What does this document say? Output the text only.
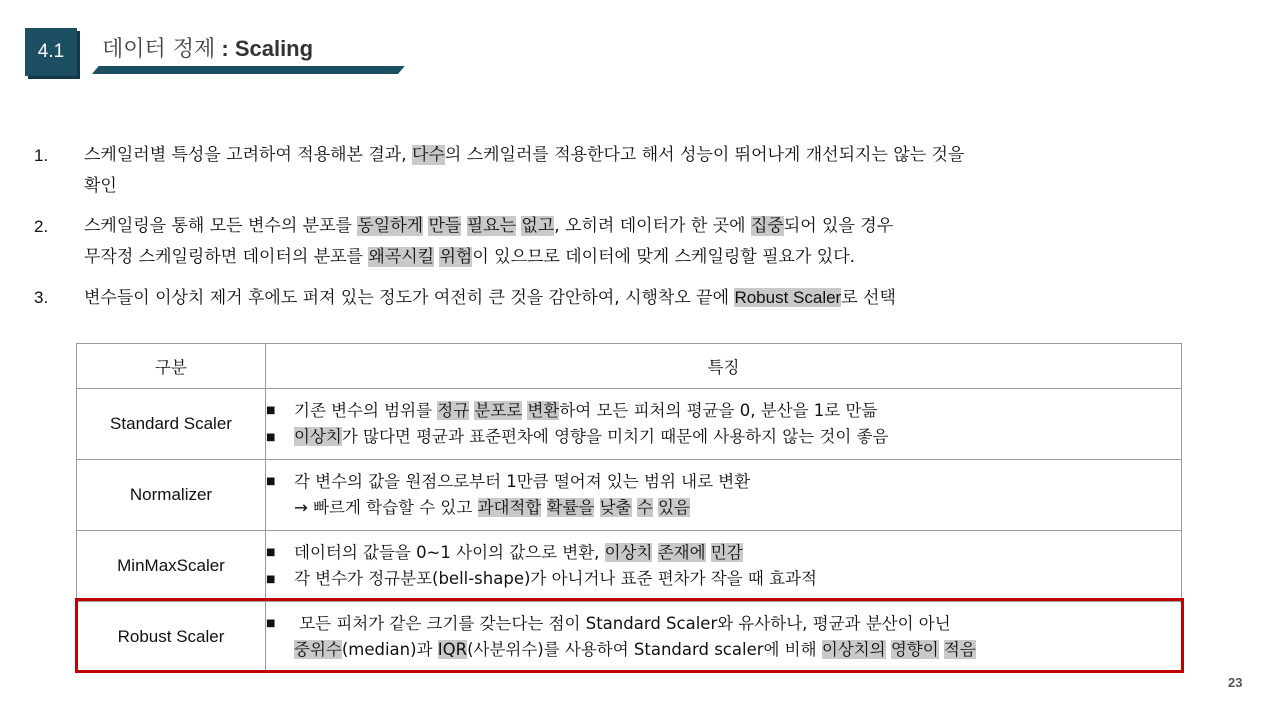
4.1	데이터 정제 : Scaling
1.	스케일러별 특성을 고려하여 적용해본 결과, 다수의 스케일러를 적용한다고 해서 성능이 뛰어나게 개선되지는 않는 것을
확인
2.	스케일링을 통해 모든 변수의 분포를 동일하게 만들 필요는 없고, 오히려 데이터가 한 곳에 집중되어 있을 경우
무작정 스케일링하면 데이터의 분포를 왜곡시킬 위험이 있으므로 데이터에 맞게 스케일링할 필요가 있다.
3.	변수들이 이상치 제거 후에도 퍼져 있는 정도가 여전히 큰 것을 감안하여, 시행착오 끝에 Robust Scaler로 선택
구분	특징
Standard Scaler	■ 기존 변수의 범위를 정규 분포로 변환하여 모든 피처의 평균을 0, 분산을 1로 만듦
■ 이상치가 많다면 평균과 표준편차에 영향을 미치기 때문에 사용하지 않는 것이 좋음

Normalizer	■ 각 변수의 값을 원점으로부터 1만큼 떨어져 있는 범위 내로 변환
→ 빠르게 학습할 수 있고 과대적합 확률을 낮출 수 있음

MinMaxScaler	■ 데이터의 값들을 0~1 사이의 값으로 변환, 이상치 존재에 민감
■ 각 변수가 정규분포(bell-shape)가 아니거나 표준 편차가 작을 때 효과적

Robust Scaler	■ 모든 피처가 같은 크기를 갖는다는 점이 Standard Scaler와 유사하나, 평균과 분산이 아닌
중위수(median)과 IQR(사분위수)를 사용하여 Standard scaler에 비해 이상치의 영향이 적음
23
